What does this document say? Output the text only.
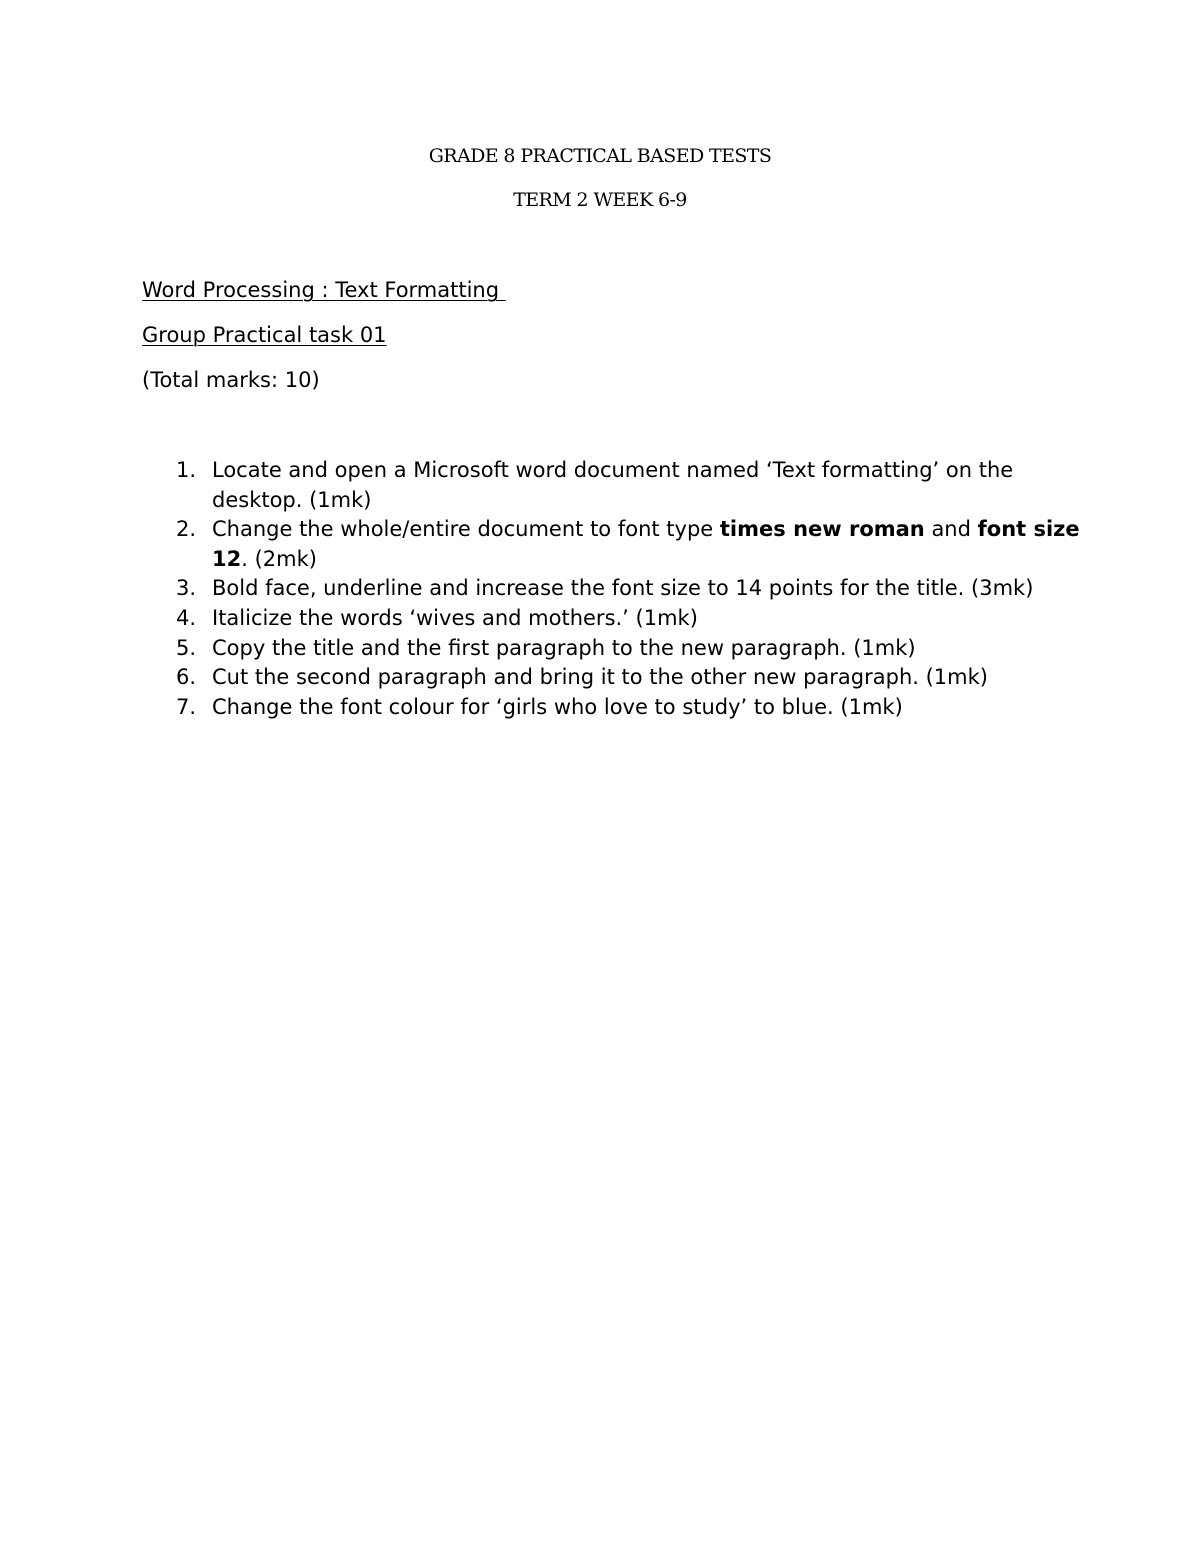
GRADE 8 PRACTICAL BASED TESTS
TERM 2 WEEK 6-9
Word Processing : Text Formatting
Group Practical task 01
(Total marks: 10)
1. Locate and open a Microsoft word document named ‘Text formatting’ on the desktop. (1mk)
2. Change the whole/entire document to font type times new roman and font size 12. (2mk)
3. Bold face, underline and increase the font size to 14 points for the title. (3mk)
4. Italicize the words ‘wives and mothers.’ (1mk)
5. Copy the title and the first paragraph to the new paragraph. (1mk)
6. Cut the second paragraph and bring it to the other new paragraph. (1mk)
7. Change the font colour for ‘girls who love to study’ to blue. (1mk)
